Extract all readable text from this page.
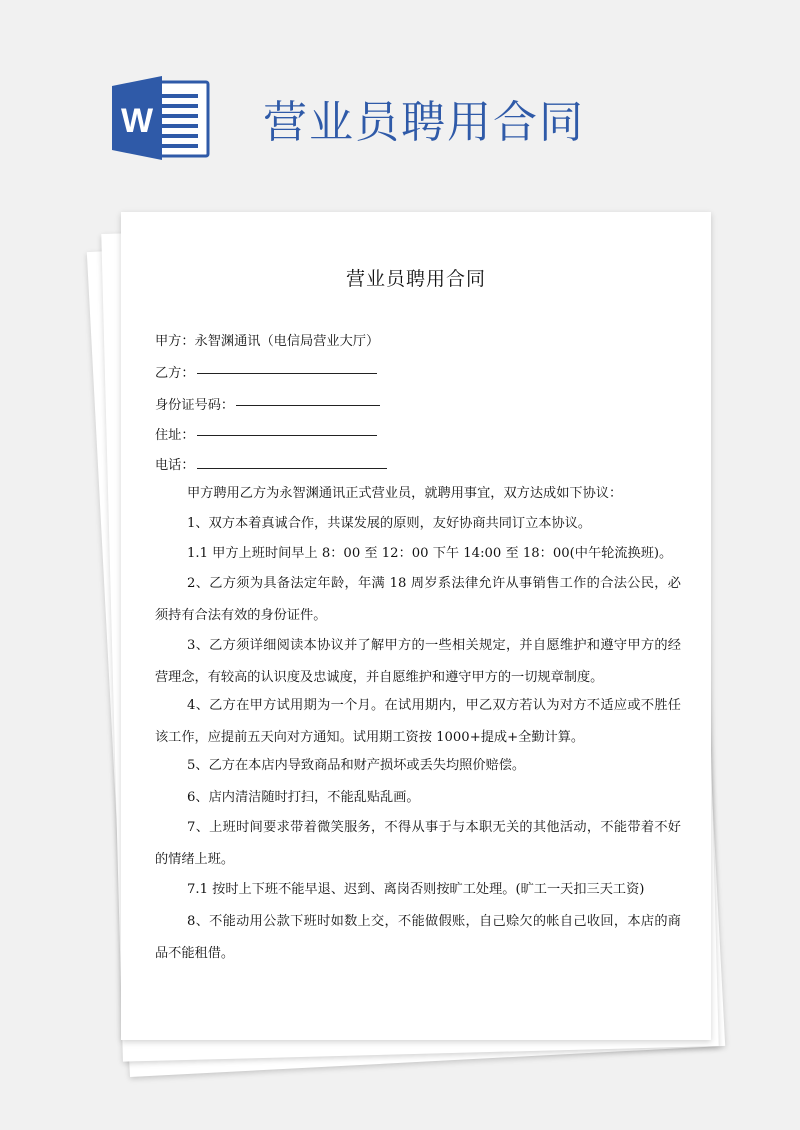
W 营业员聘用合同
营业员聘用合同
甲方：永智渊通讯（电信局营业大厅）
乙方：
身份证号码：
住址：
电话：
甲方聘用乙方为永智渊通讯正式营业员，就聘用事宜，双方达成如下协议：
1、双方本着真诚合作，共谋发展的原则，友好协商共同订立本协议。
1.1 甲方上班时间早上 8：00 至 12：00 下午 14:00 至 18：00(中午轮流换班)。
2、乙方须为具备法定年龄，年满 18 周岁系法律允许从事销售工作的合法公民，必须持有合法有效的身份证件。
3、乙方须详细阅读本协议并了解甲方的一些相关规定，并自愿维护和遵守甲方的经营理念，有较高的认识度及忠诚度，并自愿维护和遵守甲方的一切规章制度。
4、乙方在甲方试用期为一个月。在试用期内，甲乙双方若认为对方不适应或不胜任该工作，应提前五天向对方通知。试用期工资按 1000+提成+全勤计算。
5、乙方在本店内导致商品和财产损坏或丢失均照价赔偿。
6、店内清洁随时打扫，不能乱贴乱画。
7、上班时间要求带着微笑服务，不得从事于与本职无关的其他活动，不能带着不好的情绪上班。
7.1 按时上下班不能早退、迟到、离岗否则按旷工处理。(旷工一天扣三天工资)
8、不能动用公款下班时如数上交，不能做假账，自己赊欠的帐自己收回，本店的商品不能租借。
